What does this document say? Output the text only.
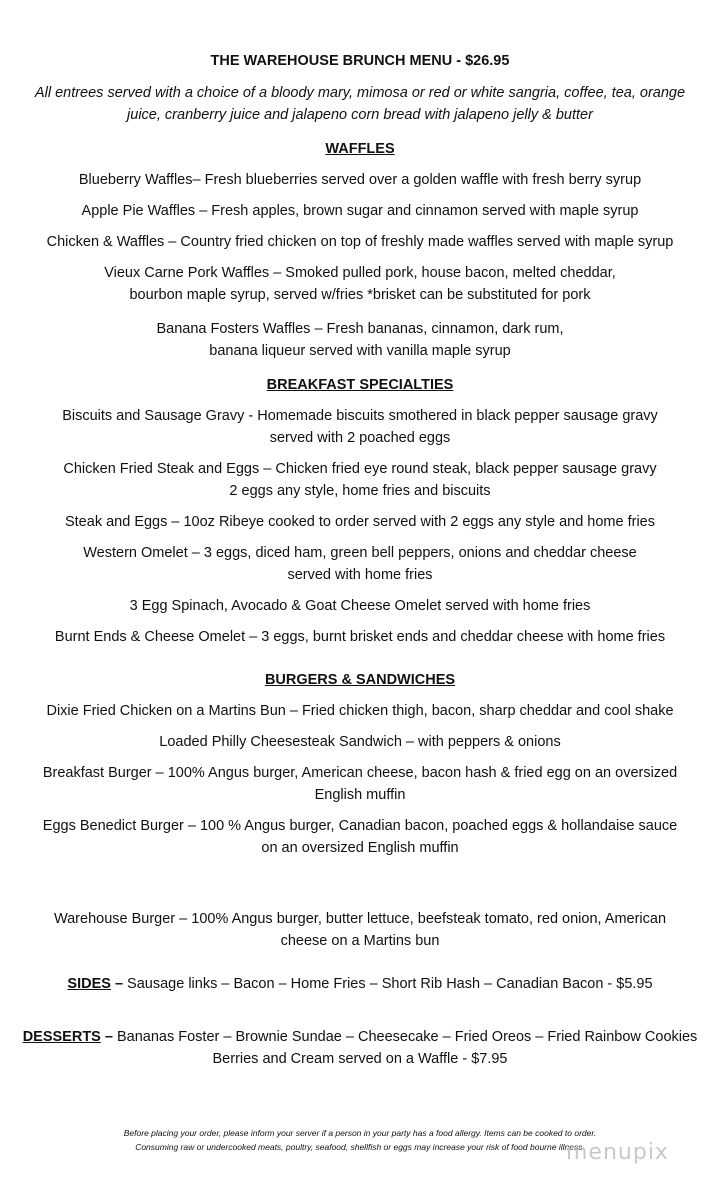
THE WAREHOUSE BRUNCH MENU - $26.95
All entrees served with a choice of a bloody mary, mimosa or red or white sangria, coffee, tea, orange
juice, cranberry juice and jalapeno corn bread with jalapeno jelly & butter
WAFFLES
Blueberry Waffles– Fresh blueberries served over a golden waffle with fresh berry syrup
Apple Pie Waffles – Fresh apples, brown sugar and cinnamon served with maple syrup
Chicken & Waffles – Country fried chicken on top of freshly made waffles served with maple syrup
Vieux Carne Pork Waffles – Smoked pulled pork, house bacon, melted cheddar,
bourbon maple syrup, served w/fries *brisket can be substituted for pork
Banana Fosters Waffles – Fresh bananas, cinnamon, dark rum,
banana liqueur served with vanilla maple syrup
BREAKFAST SPECIALTIES
Biscuits and Sausage Gravy - Homemade biscuits smothered in black pepper sausage gravy
served with 2 poached eggs
Chicken Fried Steak and Eggs – Chicken fried eye round steak, black pepper sausage gravy
2 eggs any style, home fries and biscuits
Steak and Eggs – 10oz Ribeye cooked to order served with 2 eggs any style and home fries
Western Omelet – 3 eggs, diced ham, green bell peppers, onions and cheddar cheese
served with home fries
3 Egg Spinach, Avocado & Goat Cheese Omelet served with home fries
Burnt Ends & Cheese Omelet – 3 eggs, burnt brisket ends and cheddar cheese with home fries
BURGERS & SANDWICHES
Dixie Fried Chicken on a Martins Bun – Fried chicken thigh, bacon, sharp cheddar and cool shake
Loaded Philly Cheesesteak Sandwich – with peppers & onions
Breakfast Burger – 100% Angus burger, American cheese, bacon hash & fried egg on an oversized
English muffin
Eggs Benedict Burger – 100 % Angus burger, Canadian bacon, poached eggs & hollandaise sauce
on an oversized English muffin
Warehouse Burger – 100% Angus burger, butter lettuce, beefsteak tomato, red onion, American
cheese on a Martins bun
SIDES – Sausage links – Bacon – Home Fries – Short Rib Hash – Canadian Bacon - $5.95
DESSERTS – Bananas Foster – Brownie Sundae – Cheesecake – Fried Oreos – Fried Rainbow Cookies
Berries and Cream served on a Waffle - $7.95
Before placing your order, please inform your server if a person in your party has a food allergy. Items can be cooked to order.
Consuming raw or undercooked meats, poultry, seafood, shellfish or eggs may increase your risk of food bourne illness.
menupix
